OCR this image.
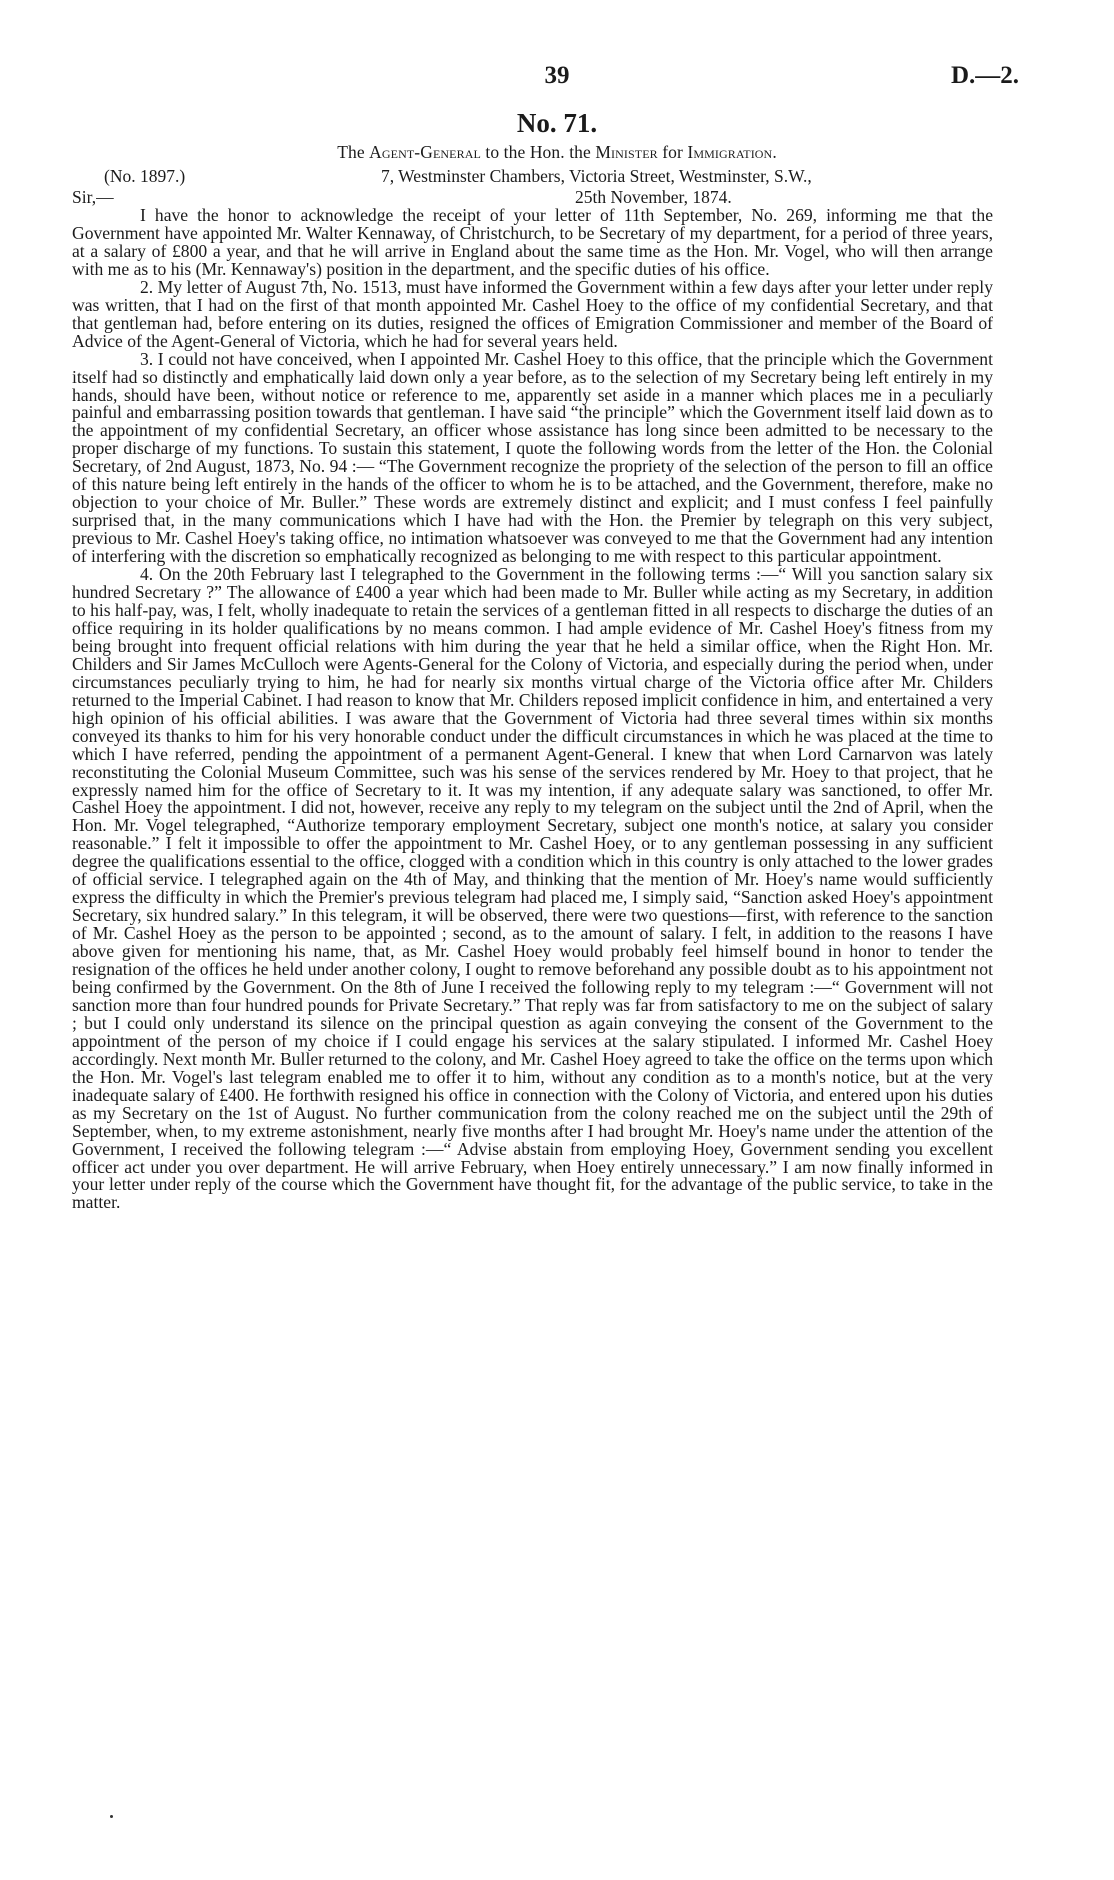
39	D.—2.
No. 71.
The Agent-General to the Hon. the Minister for Immigration.
(No. 1897.)	7, Westminster Chambers, Victoria Street, Westminster, S.W.,
Sir,—	25th November, 1874.

I have the honor to acknowledge the receipt of your letter of 11th September, No. 269, informing me that the Government have appointed Mr. Walter Kennaway, of Christchurch, to be Secretary of my department, for a period of three years, at a salary of £800 a year, and that he will arrive in England about the same time as the Hon. Mr. Vogel, who will then arrange with me as to his (Mr. Kennaway's) position in the department, and the specific duties of his office.

2. My letter of August 7th, No. 1513, must have informed the Government within a few days after your letter under reply was written, that I had on the first of that month appointed Mr. Cashel Hoey to the office of my confidential Secretary, and that that gentleman had, before entering on its duties, resigned the offices of Emigration Commissioner and member of the Board of Advice of the Agent-General of Victoria, which he had for several years held.

3. I could not have conceived, when I appointed Mr. Cashel Hoey to this office, that the principle which the Government itself had so distinctly and emphatically laid down only a year before, as to the selection of my Secretary being left entirely in my hands, should have been, without notice or reference to me, apparently set aside in a manner which places me in a peculiarly painful and embarrassing position towards that gentleman. I have said “the principle” which the Government itself laid down as to the appointment of my confidential Secretary, an officer whose assistance has long since been admitted to be necessary to the proper discharge of my functions. To sustain this statement, I quote the following words from the letter of the Hon. the Colonial Secretary, of 2nd August, 1873, No. 94 :— “The Government recognize the propriety of the selection of the person to fill an office of this nature being left entirely in the hands of the officer to whom he is to be attached, and the Government, therefore, make no objection to your choice of Mr. Buller.” These words are extremely distinct and explicit; and I must confess I feel painfully surprised that, in the many communications which I have had with the Hon. the Premier by telegraph on this very subject, previous to Mr. Cashel Hoey's taking office, no intimation whatsoever was conveyed to me that the Government had any intention of interfering with the discretion so emphatically recognized as belonging to me with respect to this particular appointment.

4. On the 20th February last I telegraphed to the Government in the following terms :—“ Will you sanction salary six hundred Secretary ?” The allowance of £400 a year which had been made to Mr. Buller while acting as my Secretary, in addition to his half-pay, was, I felt, wholly inadequate to retain the services of a gentleman fitted in all respects to discharge the duties of an office requiring in its holder qualifications by no means common. I had ample evidence of Mr. Cashel Hoey's fitness from my being brought into frequent official relations with him during the year that he held a similar office, when the Right Hon. Mr. Childers and Sir James McCulloch were Agents-General for the Colony of Victoria, and especially during the period when, under circumstances peculiarly trying to him, he had for nearly six months virtual charge of the Victoria office after Mr. Childers returned to the Imperial Cabinet. I had reason to know that Mr. Childers reposed implicit confidence in him, and entertained a very high opinion of his official abilities. I was aware that the Government of Victoria had three several times within six months conveyed its thanks to him for his very honorable conduct under the difficult circumstances in which he was placed at the time to which I have referred, pending the appointment of a permanent Agent-General. I knew that when Lord Carnarvon was lately reconstituting the Colonial Museum Committee, such was his sense of the services rendered by Mr. Hoey to that project, that he expressly named him for the office of Secretary to it. It was my intention, if any adequate salary was sanctioned, to offer Mr. Cashel Hoey the appointment. I did not, however, receive any reply to my telegram on the subject until the 2nd of April, when the Hon. Mr. Vogel telegraphed, “Authorize temporary employment Secretary, subject one month's notice, at salary you consider reasonable.” I felt it impossible to offer the appointment to Mr. Cashel Hoey, or to any gentleman possessing in any sufficient degree the qualifications essential to the office, clogged with a condition which in this country is only attached to the lower grades of official service. I telegraphed again on the 4th of May, and thinking that the mention of Mr. Hoey's name would sufficiently express the difficulty in which the Premier's previous telegram had placed me, I simply said, “Sanction asked Hoey's appointment Secretary, six hundred salary.” In this telegram, it will be observed, there were two questions—first, with reference to the sanction of Mr. Cashel Hoey as the person to be appointed ; second, as to the amount of salary. I felt, in addition to the reasons I have above given for mentioning his name, that, as Mr. Cashel Hoey would probably feel himself bound in honor to tender the resignation of the offices he held under another colony, I ought to remove beforehand any possible doubt as to his appointment not being confirmed by the Government. On the 8th of June I received the following reply to my telegram :—“ Government will not sanction more than four hundred pounds for Private Secretary.” That reply was far from satisfactory to me on the subject of salary ; but I could only understand its silence on the principal question as again conveying the consent of the Government to the appointment of the person of my choice if I could engage his services at the salary stipulated. I informed Mr. Cashel Hoey accordingly. Next month Mr. Buller returned to the colony, and Mr. Cashel Hoey agreed to take the office on the terms upon which the Hon. Mr. Vogel's last telegram enabled me to offer it to him, without any condition as to a month's notice, but at the very inadequate salary of £400. He forthwith resigned his office in connection with the Colony of Victoria, and entered upon his duties as my Secretary on the 1st of August. No further communication from the colony reached me on the subject until the 29th of September, when, to my extreme astonishment, nearly five months after I had brought Mr. Hoey's name under the attention of the Government, I received the following telegram :—“ Advise abstain from employing Hoey, Government sending you excellent officer act under you over department. He will arrive February, when Hoey entirely unnecessary.” I am now finally informed in your letter under reply of the course which the Government have thought fit, for the advantage of the public service, to take in the matter.
